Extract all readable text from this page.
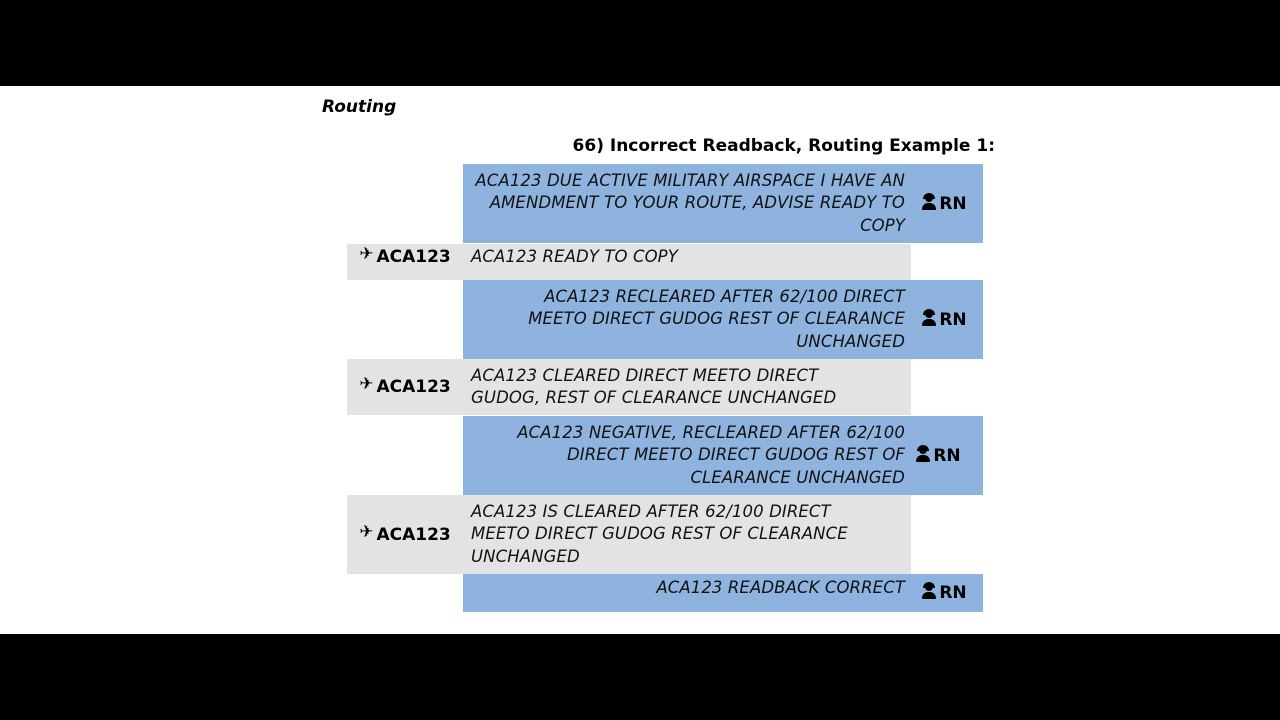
Routing
66) Incorrect Readback, Routing Example 1:
ACA123 DUE ACTIVE MILITARY AIRSPACE I HAVE AN AMENDMENT TO YOUR ROUTE, ADVISE READY TO COPY
RN
✈ ACA123 ACA123 READY TO COPY
ACA123 RECLEARED AFTER 62/100 DIRECT MEETO DIRECT GUDOG REST OF CLEARANCE UNCHANGED
RN
✈ ACA123
ACA123 CLEARED DIRECT MEETO DIRECT GUDOG, REST OF CLEARANCE UNCHANGED
ACA123 NEGATIVE, RECLEARED AFTER 62/100 DIRECT MEETO DIRECT GUDOG REST OF CLEARANCE UNCHANGED
RN
✈ ACA123
ACA123 IS CLEARED AFTER 62/100 DIRECT MEETO DIRECT GUDOG REST OF CLEARANCE UNCHANGED
ACA123 READBACK CORRECT RN
